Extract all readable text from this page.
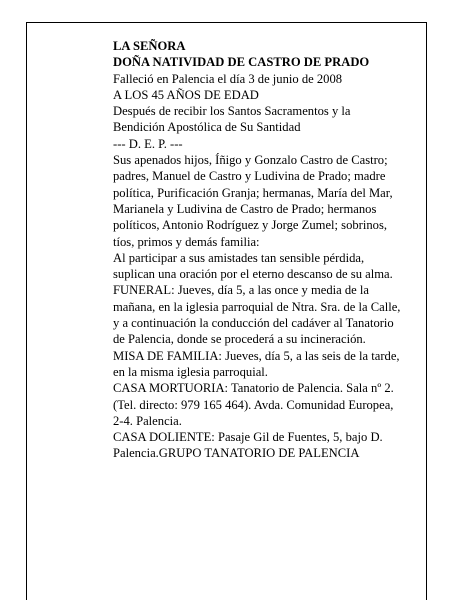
LA SEÑORA

DOÑA NATIVIDAD DE CASTRO DE PRADO

Falleció en Palencia el día 3 de junio de 2008

A LOS 45 AÑOS DE EDAD

Después de recibir los Santos Sacramentos y la Bendición Apostólica de Su Santidad

--- D. E. P. ---

Sus apenados hijos, Íñigo y Gonzalo Castro de Castro; padres, Manuel de Castro y Ludivina de Prado; madre política, Purificación Granja; hermanas, María del Mar, Marianela y Ludivina de Castro de Prado; hermanos políticos, Antonio Rodríguez y Jorge Zumel; sobrinos, tíos, primos y demás familia:

Al participar a sus amistades tan sensible pérdida, suplican una oración por el eterno descanso de su alma.

FUNERAL: Jueves, día 5, a las once y media de la mañana, en la iglesia parroquial de Ntra. Sra. de la Calle, y a continuación la conducción del cadáver al Tanatorio de Palencia, donde se procederá a su incineración.

MISA DE FAMILIA: Jueves, día 5, a las seis de la tarde, en la misma iglesia parroquial.

CASA MORTUORIA: Tanatorio de Palencia. Sala nº 2. (Tel. directo: 979 165 464). Avda. Comunidad Europea, 2-4. Palencia.

CASA DOLIENTE: Pasaje Gil de Fuentes, 5, bajo D. Palencia.GRUPO TANATORIO DE PALENCIA
